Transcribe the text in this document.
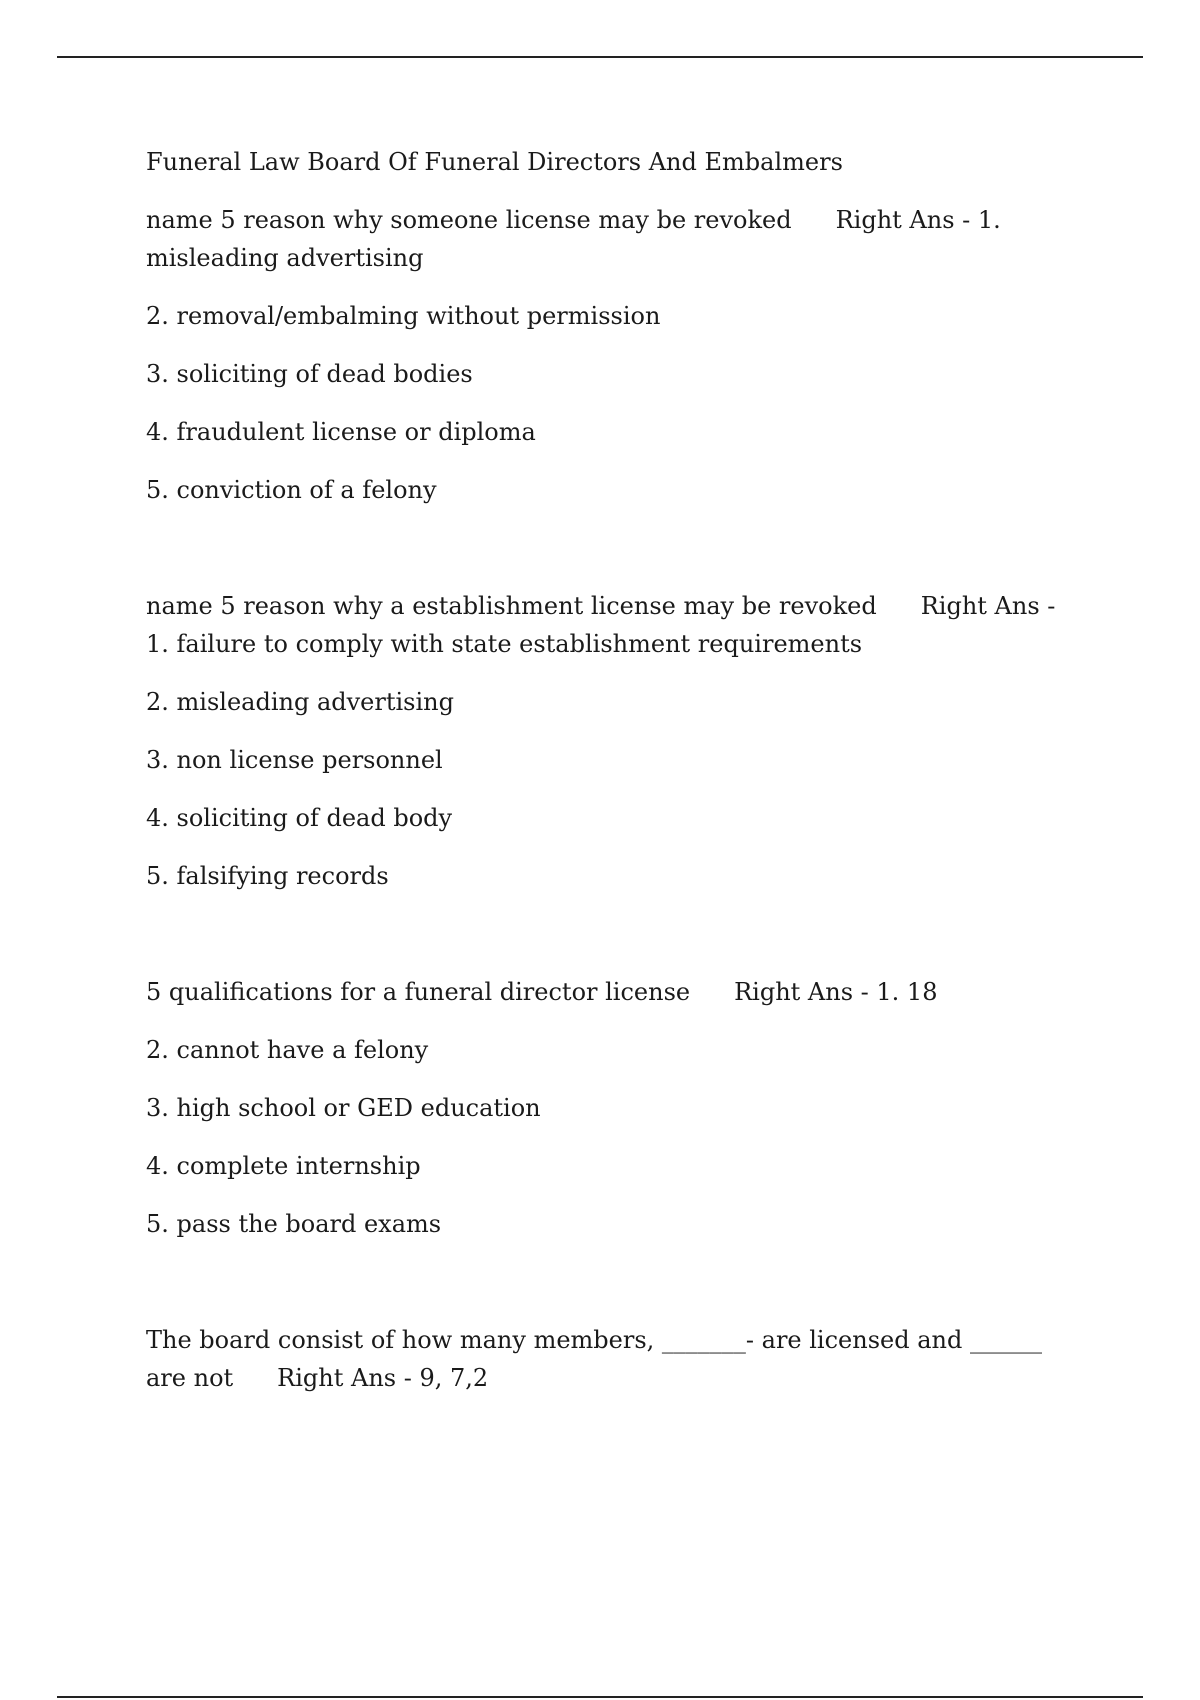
Funeral Law Board Of Funeral Directors And Embalmers

name 5 reason why someone license may be revoked Right Ans - 1. misleading advertising

2. removal/embalming without permission

3. soliciting of dead bodies

4. fraudulent license or diploma

5. conviction of a felony

name 5 reason why a establishment license may be revoked Right Ans - 1. failure to comply with state establishment requirements

2. misleading advertising

3. non license personnel

4. soliciting of dead body

5. falsifying records

5 qualifications for a funeral director license Right Ans - 1. 18

2. cannot have a felony

3. high school or GED education

4. complete internship

5. pass the board exams

The board consist of how many members, _______- are licensed and ______ are not Right Ans - 9, 7,2
